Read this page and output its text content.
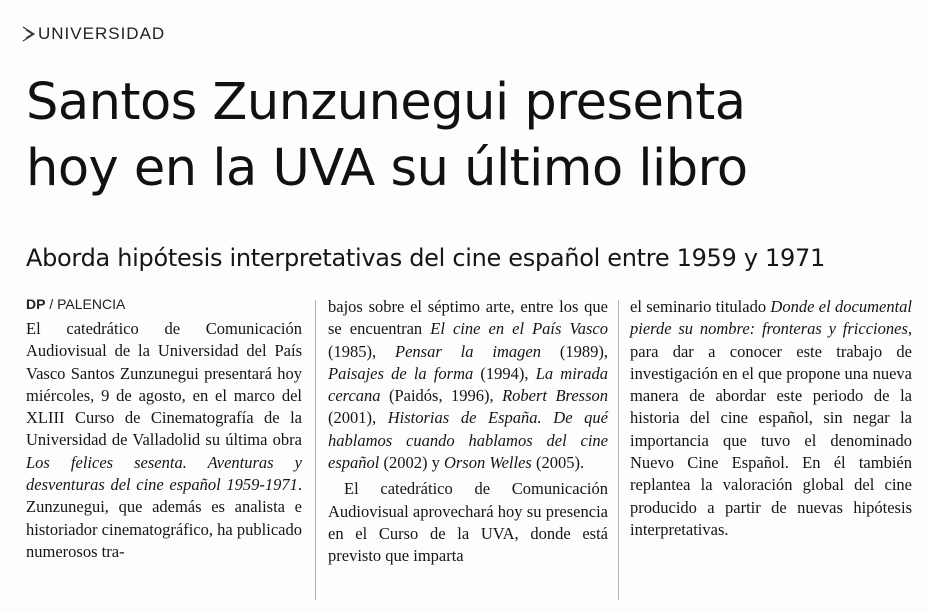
UNIVERSIDAD
Santos Zunzunegui presenta
hoy en la UVA su último libro
Aborda hipótesis interpretativas del cine español entre 1959 y 1971
DP / PALENCIA

El catedrático de Comunicación Audiovisual de la Universidad del País Vasco Santos Zunzunegui presentará hoy miércoles, 9 de agosto, en el marco del XLIII Curso de Cinematografía de la Universidad de Valladolid su última obra Los felices sesenta. Aventuras y desventuras del cine español 1959-1971. Zunzunegui, que además es analista e historiador cinematográfico, ha publicado numerosos tra-

bajos sobre el séptimo arte, entre los que se encuentran El cine en el País Vasco (1985), Pensar la imagen (1989), Paisajes de la forma (1994), La mirada cercana (Paidós, 1996), Robert Bresson (2001), Historias de España. De qué hablamos cuando hablamos del cine español (2002) y Orson Welles (2005).

El catedrático de Comunicación Audiovisual aprovechará hoy su presencia en el Curso de la UVA, donde está previsto que imparta

el seminario titulado Donde el documental pierde su nombre: fronteras y fricciones, para dar a conocer este trabajo de investigación en el que propone una nueva manera de abordar este periodo de la historia del cine español, sin negar la importancia que tuvo el denominado Nuevo Cine Español. En él también replantea la valoración global del cine producido a partir de nuevas hipótesis interpretativas.
